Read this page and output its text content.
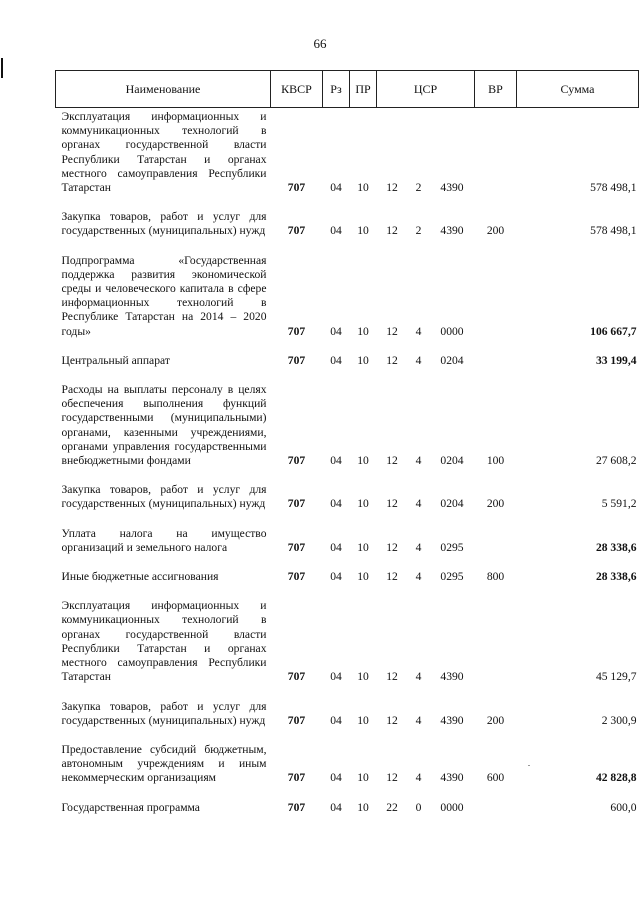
66
Наименование	КВСР	Рз	ПР	ЦСР			ВР	Сумма
Эксплуатация информационных и коммуникационных технологий в органах государственной власти Республики Татарстан и органах местного самоуправления Республики Татарстан	707	04	10	12	2	4390		578 498,1

Закупка товаров, работ и услуг для государственных (муниципальных) нужд	707	04	10	12	2	4390	200	578 498,1

Подпрограмма «Государственная поддержка развития экономической среды и человеческого капитала в сфере информационных технологий в Республике Татарстан на 2014 – 2020 годы»	707	04	10	12	4	0000		106 667,7

Центральный аппарат	707	04	10	12	4	0204		33 199,4

Расходы на выплаты персоналу в целях обеспечения выполнения функций государственными (муниципальными) органами, казенными учреждениями, органами управления государственными внебюджетными фондами	707	04	10	12	4	0204	100	27 608,2

Закупка товаров, работ и услуг для государственных (муниципальных) нужд	707	04	10	12	4	0204	200	5 591,2

Уплата налога на имущество организаций и земельного налога	707	04	10	12	4	0295		28 338,6

Иные бюджетные ассигнования	707	04	10	12	4	0295	800	28 338,6

Эксплуатация информационных и коммуникационных технологий в органах государственной власти Республики Татарстан и органах местного самоуправления Республики Татарстан	707	04	10	12	4	4390		45 129,7

Закупка товаров, работ и услуг для государственных (муниципальных) нужд	707	04	10	12	4	4390	200	2 300,9

Предоставление субсидий бюджетным, автономным учреждениям и иным некоммерческим организациям	707	04	10	12	4	4390	600	42 828,8

Государственная программа	707	04	10	22	0	0000		600,0
